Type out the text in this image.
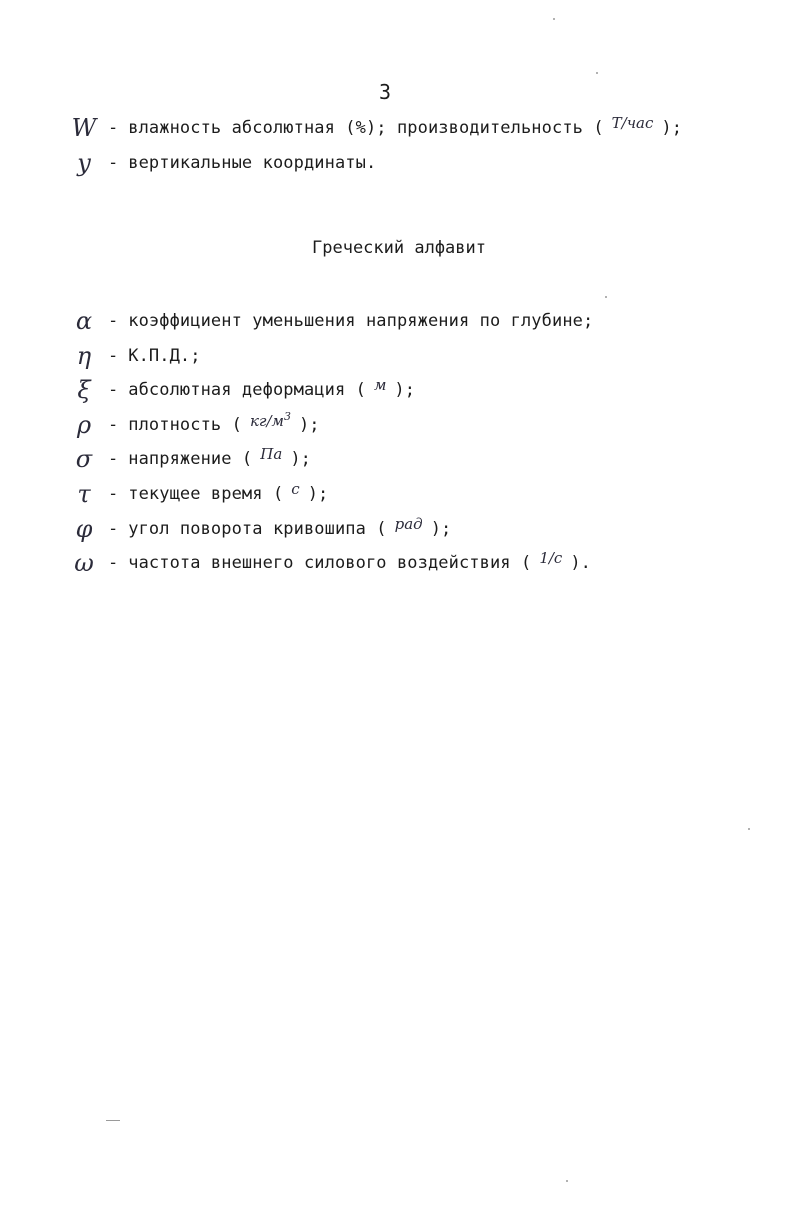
3
W - влажность абсолютная (%); производительность ( T/час );
y	- вертикальные координаты.
Греческий алфавит
α - коэффициент уменьшения напряжения по глубине;
η - К.П.Д.;
ξ	- абсолютная деформация ( м );
ρ - плотность ( $кг/м^3$ );
σ - напряжение ( Па );
τ	- текущее время ( с );
φ - угол поворота кривошипа ( рад );
ω - частота внешнего силового воздействия ( 1/с ).
